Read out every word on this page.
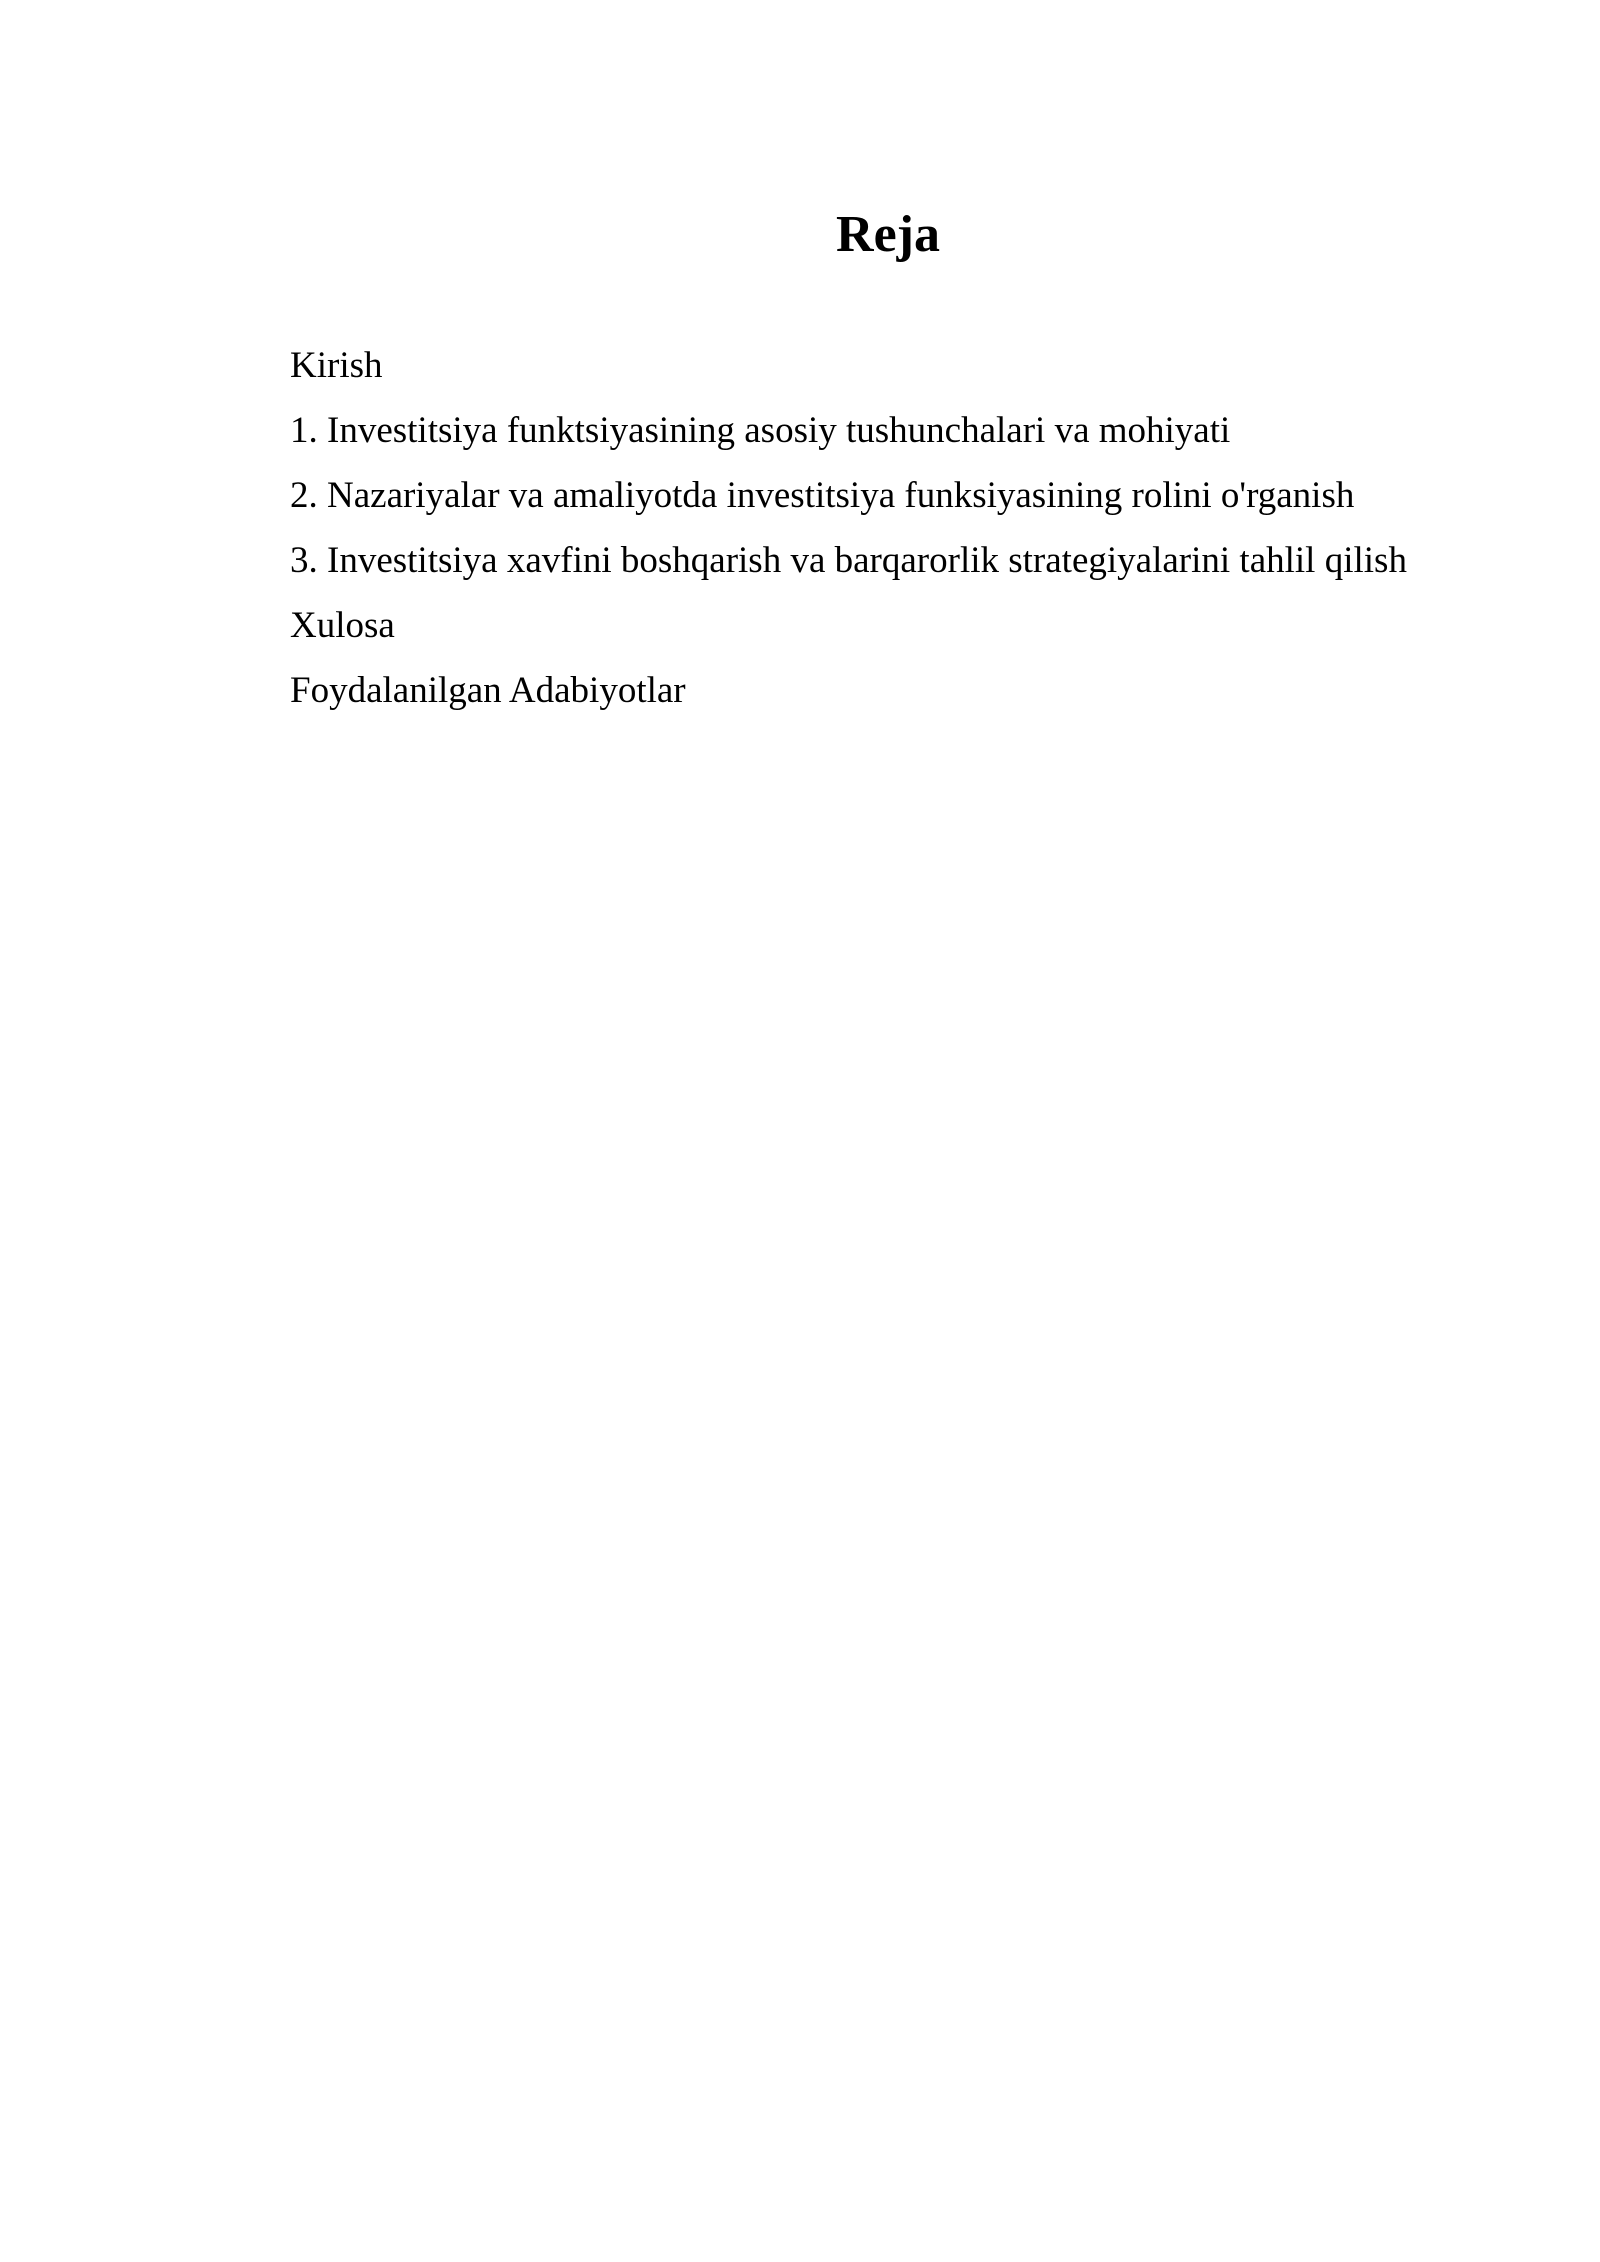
Reja
Kirish
1. Investitsiya funktsiyasining asosiy tushunchalari va mohiyati
2. Nazariyalar va amaliyotda investitsiya funksiyasining rolini o'rganish
3. Investitsiya xavfini boshqarish va barqarorlik strategiyalarini tahlil qilish
Xulosa
Foydalanilgan Adabiyotlar
